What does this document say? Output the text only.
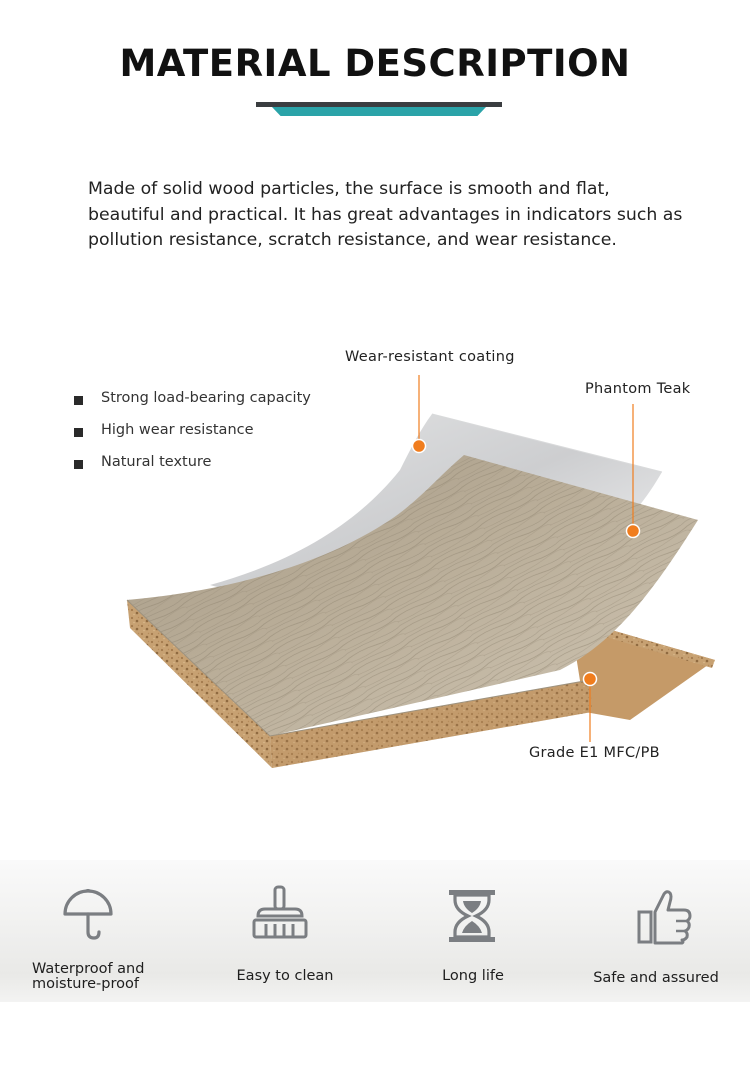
MATERIAL DESCRIPTION
Made of solid wood particles, the surface is smooth and flat, beautiful and practical. It has great advantages in indicators such as pollution resistance, scratch resistance, and wear resistance.
Strong load-bearing capacity
High wear resistance
Natural texture
Wear-resistant coating
Phantom Teak
Grade E1 MFC/PB
Waterproof and
moisture-proof	Easy to clean	Long life	Safe and assured
